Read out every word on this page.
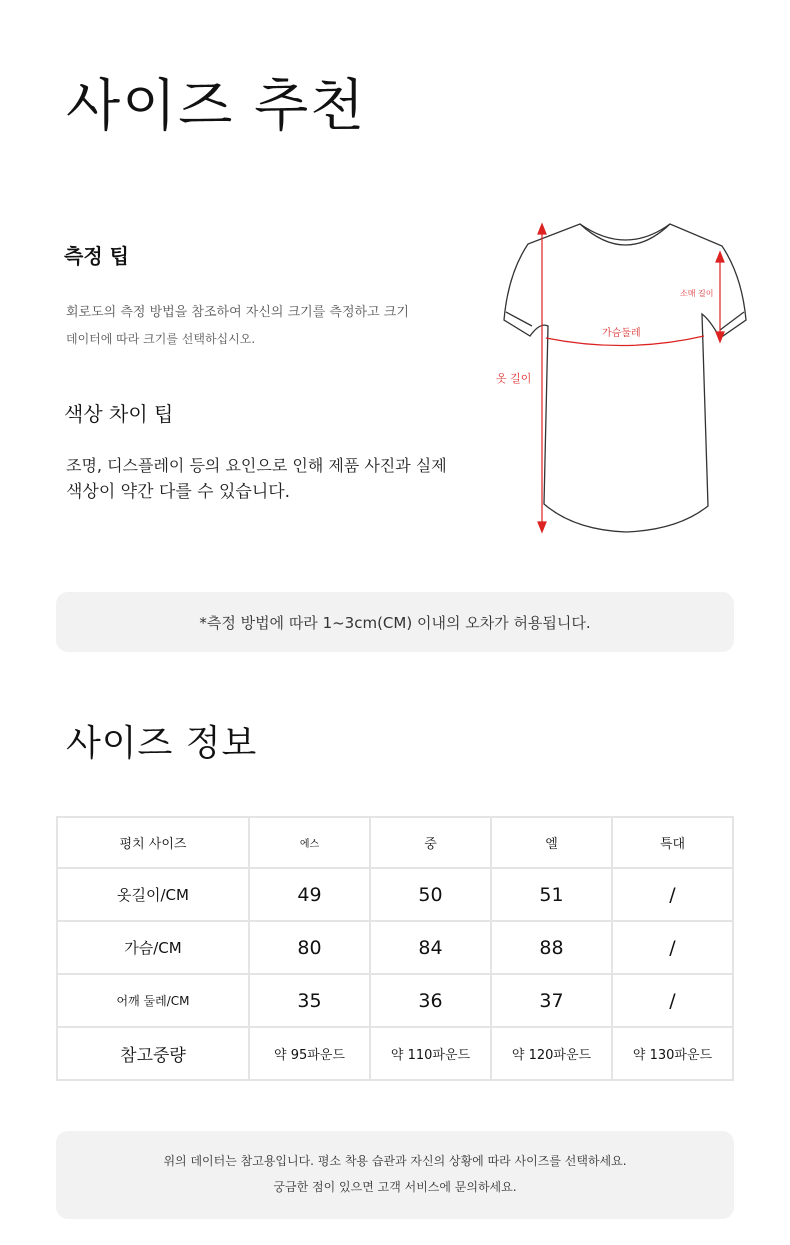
사이즈 추천
측정 팁
회로도의 측정 방법을 참조하여 자신의 크기를 측정하고 크기
데이터에 따라 크기를 선택하십시오.
색상 차이 팁
조명, 디스플레이 등의 요인으로 인해 제품 사진과 실제
색상이 약간 다를 수 있습니다.
소매 길이
가슴둘레
옷 길이
*측정 방법에 따라 1~3cm(CM) 이내의 오차가 허용됩니다.
사이즈 정보
평치 사이즈	에스	중	엘	특대
옷길이/CM	49	50	51	/
가슴/CM	80	84	88	/
어깨 둘레/CM	35	36	37	/
참고중량	약 95파운드	약 110파운드	약 120파운드	약 130파운드
위의 데이터는 참고용입니다. 평소 착용 습관과 자신의 상황에 따라 사이즈를 선택하세요.
궁금한 점이 있으면 고객 서비스에 문의하세요.
